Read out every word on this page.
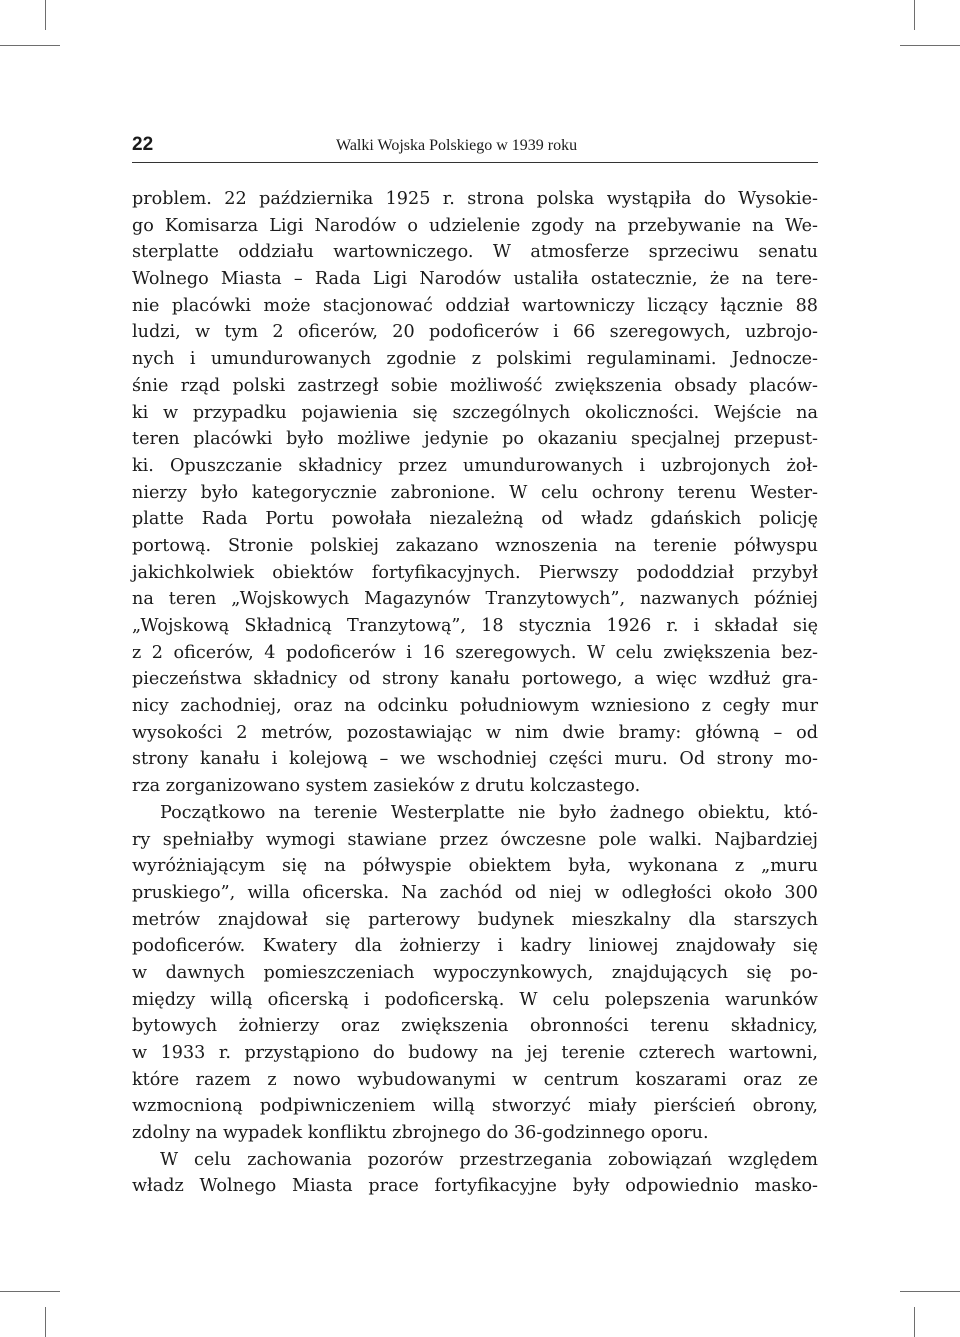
22	Walki Wojska Polskiego w 1939 roku
problem. 22 października 1925 r. strona polska wystąpiła do Wysokie-
go Komisarza Ligi Narodów o udzielenie zgody na przebywanie na We-
sterplatte oddziału wartowniczego. W atmosferze sprzeciwu senatu
Wolnego Miasta – Rada Ligi Narodów ustaliła ostatecznie, że na tere-
nie placówki może stacjonować oddział wartowniczy liczący łącznie 88
ludzi, w tym 2 oficerów, 20 podoficerów i 66 szeregowych, uzbrojo-
nych i umundurowanych zgodnie z polskimi regulaminami. Jednocze-
śnie rząd polski zastrzegł sobie możliwość zwiększenia obsady placów-
ki w przypadku pojawienia się szczególnych okoliczności. Wejście na
teren placówki było możliwe jedynie po okazaniu specjalnej przepust-
ki. Opuszczanie składnicy przez umundurowanych i uzbrojonych żoł-
nierzy było kategorycznie zabronione. W celu ochrony terenu Wester-
platte Rada Portu powołała niezależną od władz gdańskich policję
portową. Stronie polskiej zakazano wznoszenia na terenie półwyspu
jakichkolwiek obiektów fortyfikacyjnych. Pierwszy pododdział przybył
na teren „Wojskowych Magazynów Tranzytowych”, nazwanych później
„Wojskową Składnicą Tranzytową”, 18 stycznia 1926 r. i składał się
z 2 oficerów, 4 podoficerów i 16 szeregowych. W celu zwiększenia bez-
pieczeństwa składnicy od strony kanału portowego, a więc wzdłuż gra-
nicy zachodniej, oraz na odcinku południowym wzniesiono z cegły mur
wysokości 2 metrów, pozostawiając w nim dwie bramy: główną – od
strony kanału i kolejową – we wschodniej części muru. Od strony mo-
rza zorganizowano system zasieków z drutu kolczastego.
Początkowo na terenie Westerplatte nie było żadnego obiektu, któ-
ry spełniałby wymogi stawiane przez ówczesne pole walki. Najbardziej
wyróżniającym się na półwyspie obiektem była, wykonana z „muru
pruskiego”, willa oficerska. Na zachód od niej w odległości około 300
metrów znajdował się parterowy budynek mieszkalny dla starszych
podoficerów. Kwatery dla żołnierzy i kadry liniowej znajdowały się
w dawnych pomieszczeniach wypoczynkowych, znajdujących się po-
między willą oficerską i podoficerską. W celu polepszenia warunków
bytowych żołnierzy oraz zwiększenia obronności terenu składnicy,
w 1933 r. przystąpiono do budowy na jej terenie czterech wartowni,
które razem z nowo wybudowanymi w centrum koszarami oraz ze
wzmocnioną podpiwniczeniem willą stworzyć miały pierścień obrony,
zdolny na wypadek konfliktu zbrojnego do 36-godzinnego oporu.
W celu zachowania pozorów przestrzegania zobowiązań względem
władz Wolnego Miasta prace fortyfikacyjne były odpowiednio masko-
